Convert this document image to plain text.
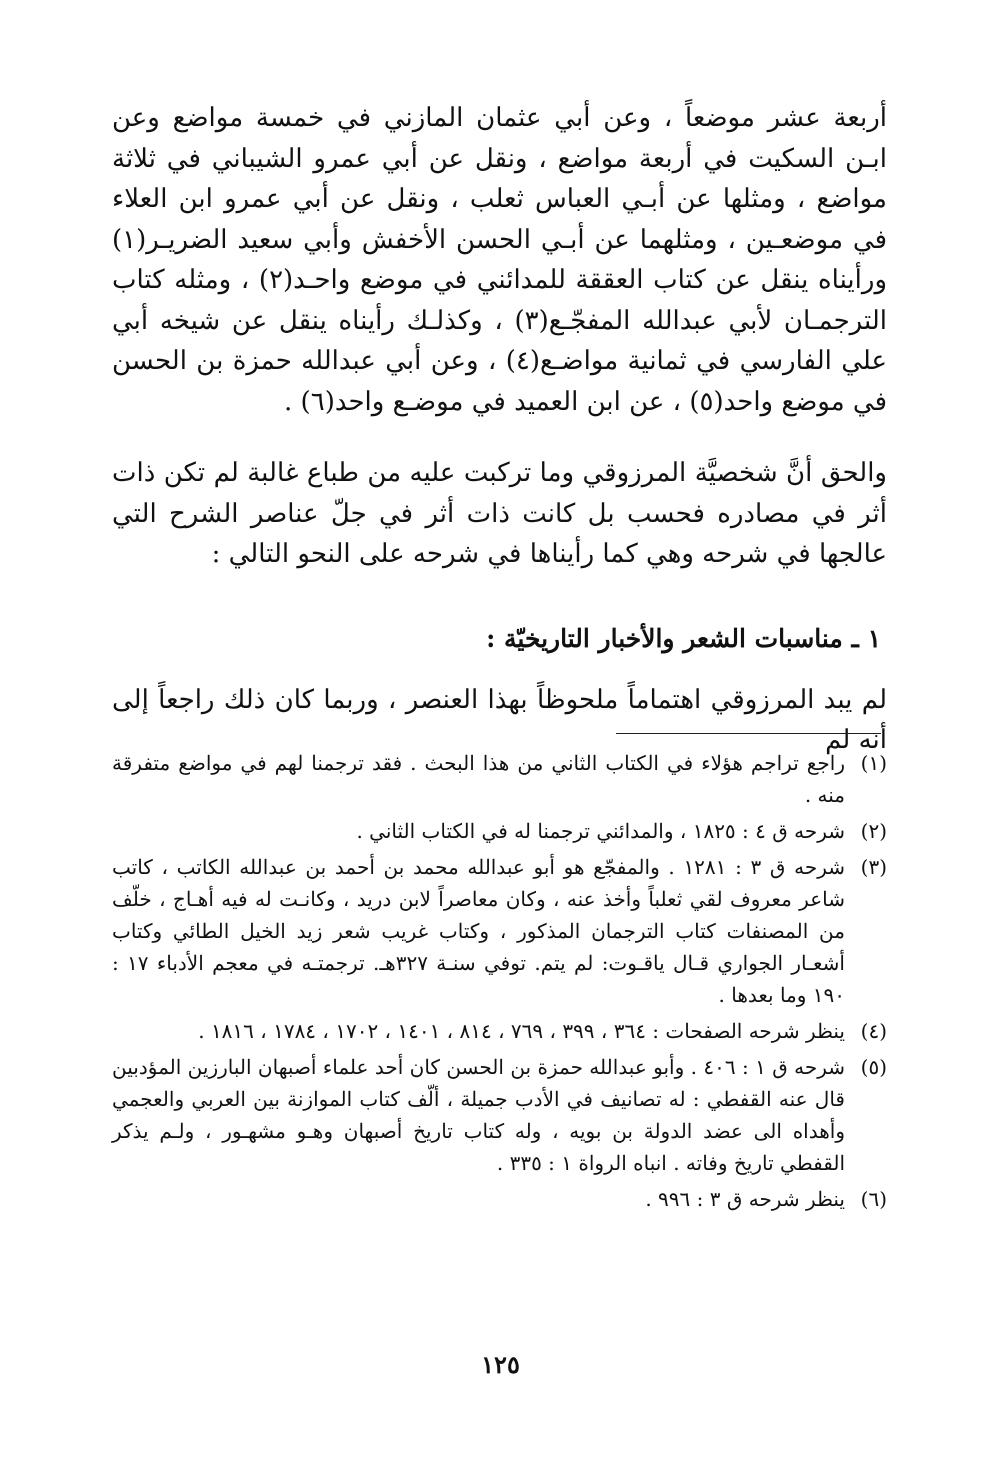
أربعة عشر موضعاً ، وعن أبي عثمان المازني في خمسة مواضع وعن ابـن السكيت في أربعة مواضع ، ونقل عن أبي عمرو الشيباني في ثلاثة مواضع ، ومثلها عن أبـي العباس ثعلب ، ونقل عن أبي عمرو ابن العلاء في موضعـين ، ومثلهما عن أبـي الحسن الأخفش وأبي سعيد الضريـر(١) ورأيناه ينقل عن كتاب العققة للمدائني في موضع واحـد(٢) ، ومثله كتاب الترجمـان لأبي عبدالله المفجّـع(٣) ، وكذلـك رأيناه ينقل عن شيخه أبي علي الفارسي في ثمانية مواضـع(٤) ، وعن أبي عبدالله حمزة بن الحسن في موضع واحد(٥) ، عن ابن العميد في موضـع واحد(٦) .

والحق أنَّ شخصيَّة المرزوقي وما تركبت عليه من طباع غالبة لم تكن ذات أثر في مصادره فحسب بل كانت ذات أثر في جلّ عناصر الشرح التي عالجها في شرحه وهي كما رأيناها في شرحه على النحو التالي :

١ ـ مناسبات الشعر والأخبار التاريخيّة :

لم يبد المرزوقي اهتماماً ملحوظاً بهذا العنصر ، وربما كان ذلك راجعاً إلى أنه لم

(١)
راجع تراجم هؤلاء في الكتاب الثاني من هذا البحث . فقد ترجمنا لهم في مواضع متفرقة منه .
(٢)
شرحه ق ٤ : ١٨٢٥ ، والمدائني ترجمنا له في الكتاب الثاني .
(٣)
شرحه ق ٣ : ١٢٨١ . والمفجّع هو أبو عبدالله محمد بن أحمد بن عبدالله الكاتب ، كاتب شاعر معروف لقي ثعلباً وأخذ عنه ، وكان معاصراً لابن دريد ، وكانـت له فيه أهـاج ، خلّف من المصنفات كتاب الترجمان المذكور ، وكتاب غريب شعر زيد الخيل الطائي وكتاب أشعـار الجواري قـال ياقـوت: لم يتم. توفي سنـة ٣٢٧هـ. ترجمتـه في معجم الأدباء ١٧ : ١٩٠ وما بعدها .
(٤)
ينظر شرحه الصفحات : ٣٦٤ ، ٣٩٩ ، ٧٦٩ ، ٨١٤ ، ١٤٠١ ، ١٧٠٢ ، ١٧٨٤ ، ١٨١٦ .
(٥)
شرحه ق ١ : ٤٠٦ . وأبو عبدالله حمزة بن الحسن كان أحد علماء أصبهان البارزين المؤدبين قال عنه القفطي : له تصانيف في الأدب جميلة ، ألّف كتاب الموازنة بين العربي والعجمي وأهداه الى عضد الدولة بن بويه ، وله كتاب تاريخ أصبهان وهـو مشهـور ، ولـم يذكر القفطي تاريخ وفاته . انباه الرواة ١ : ٣٣٥ .
(٦)
ينظر شرحه ق ٣ : ٩٩٦ .
١٢٥
